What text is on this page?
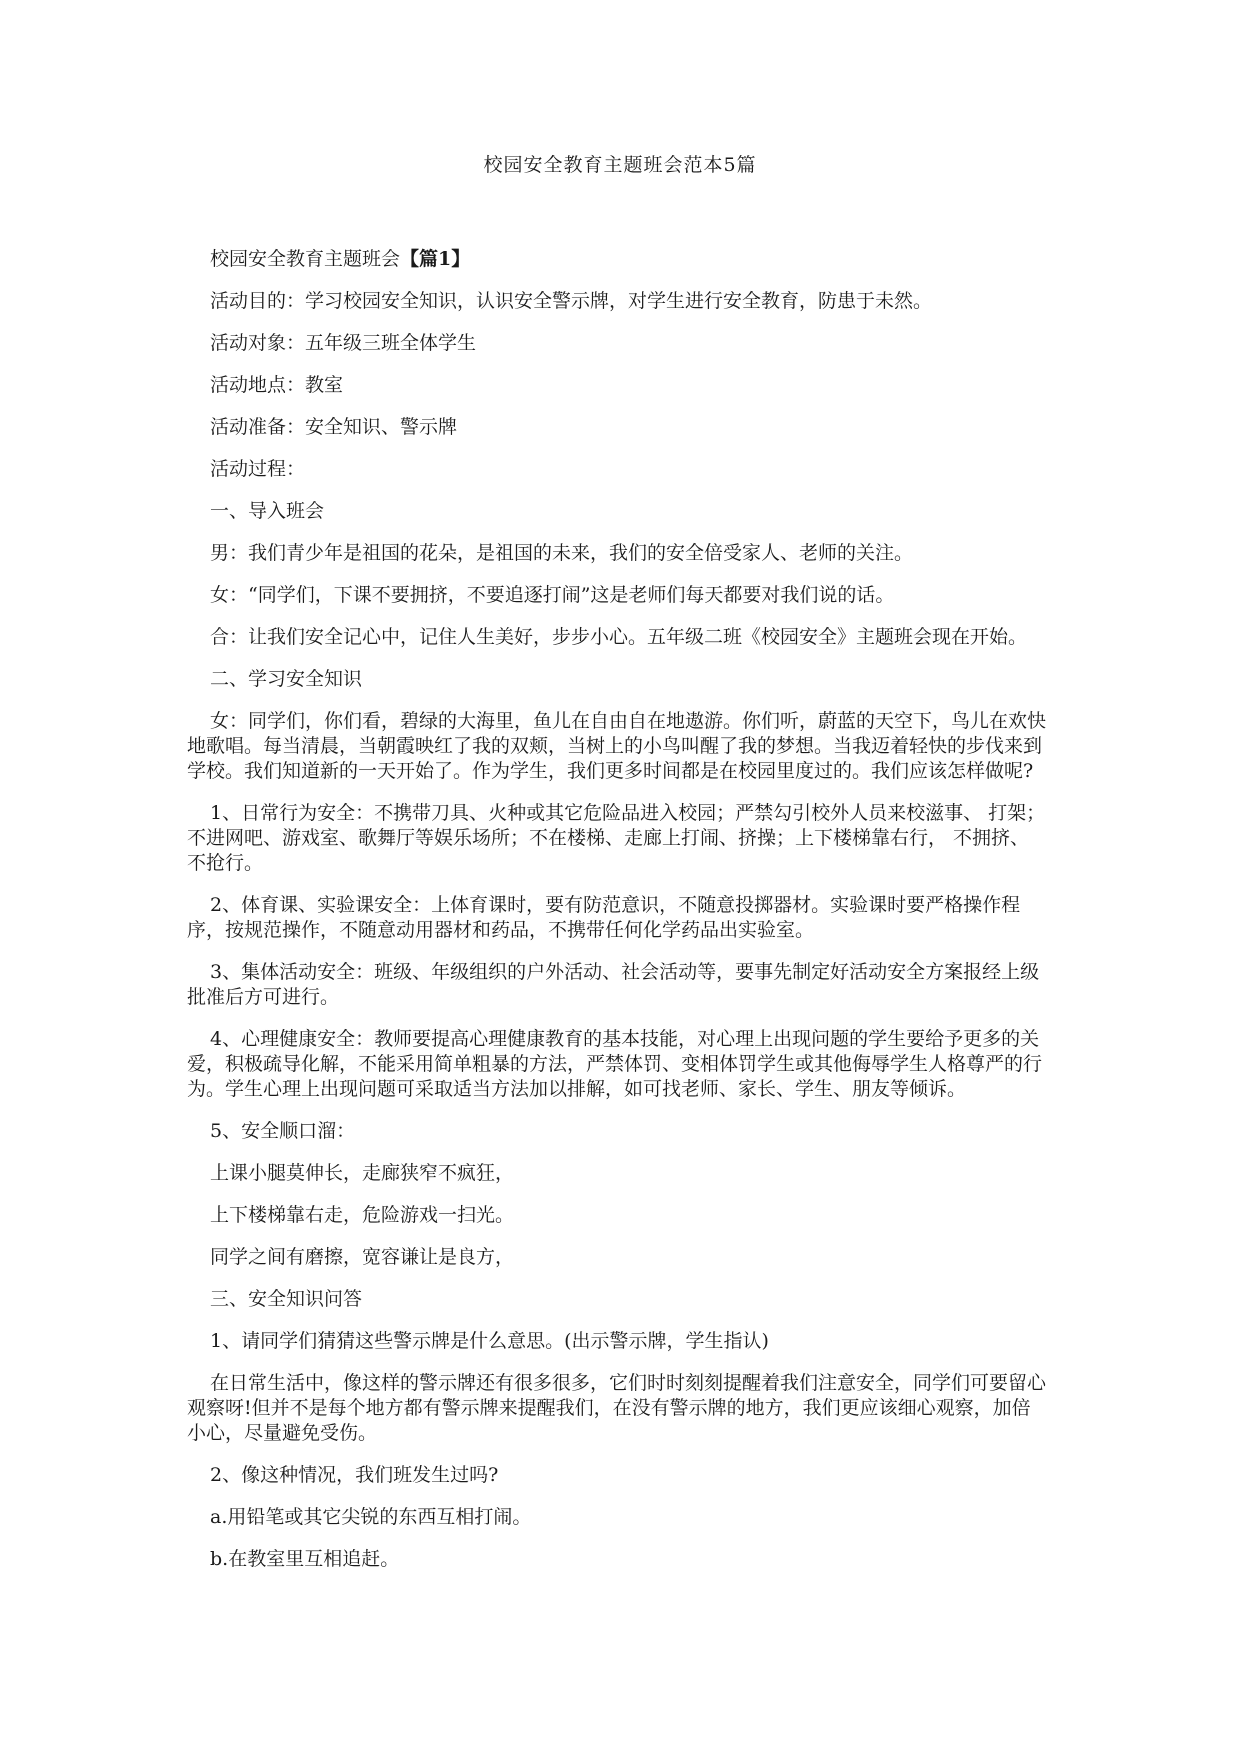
校园安全教育主题班会范本5篇
校园安全教育主题班会【篇1】

活动目的：学习校园安全知识，认识安全警示牌，对学生进行安全教育，防患于未然。

活动对象：五年级三班全体学生

活动地点：教室

活动准备：安全知识、警示牌

活动过程：

一、导入班会

男：我们青少年是祖国的花朵，是祖国的未来，我们的安全倍受家人、老师的关注。

女：“同学们，下课不要拥挤，不要追逐打闹”这是老师们每天都要对我们说的话。

合：让我们安全记心中，记住人生美好，步步小心。五年级二班《校园安全》主题班会现在开始。

二、学习安全知识

女：同学们，你们看，碧绿的大海里，鱼儿在自由自在地遨游。你们听，蔚蓝的天空下，鸟儿在欢快地歌唱。每当清晨，当朝霞映红了我的双颊，当树上的小鸟叫醒了我的梦想。当我迈着轻快的步伐来到学校。我们知道新的一天开始了。作为学生，我们更多时间都是在校园里度过的。我们应该怎样做呢?

1、日常行为安全：不携带刀具、火种或其它危险品进入校园；严禁勾引校外人员来校滋事、 打架；不进网吧、游戏室、歌舞厅等娱乐场所；不在楼梯、走廊上打闹、挤操；上下楼梯靠右行， 不拥挤、不抢行。

2、体育课、实验课安全：上体育课时，要有防范意识，不随意投掷器材。实验课时要严格操作程序，按规范操作，不随意动用器材和药品，不携带任何化学药品出实验室。

3、集体活动安全：班级、年级组织的户外活动、社会活动等，要事先制定好活动安全方案报经上级批准后方可进行。

4、心理健康安全：教师要提高心理健康教育的基本技能，对心理上出现问题的学生要给予更多的关爱，积极疏导化解，不能采用简单粗暴的方法，严禁体罚、变相体罚学生或其他侮辱学生人格尊严的行为。学生心理上出现问题可采取适当方法加以排解，如可找老师、家长、学生、朋友等倾诉。

5、安全顺口溜：

上课小腿莫伸长，走廊狭窄不疯狂，

上下楼梯靠右走，危险游戏一扫光。

同学之间有磨擦，宽容谦让是良方，

三、安全知识问答

1、请同学们猜猜这些警示牌是什么意思。(出示警示牌，学生指认)

在日常生活中，像这样的警示牌还有很多很多，它们时时刻刻提醒着我们注意安全，同学们可要留心观察呀!但并不是每个地方都有警示牌来提醒我们，在没有警示牌的地方，我们更应该细心观察，加倍小心，尽量避免受伤。

2、像这种情况，我们班发生过吗?

a.用铅笔或其它尖锐的东西互相打闹。

b.在教室里互相追赶。
